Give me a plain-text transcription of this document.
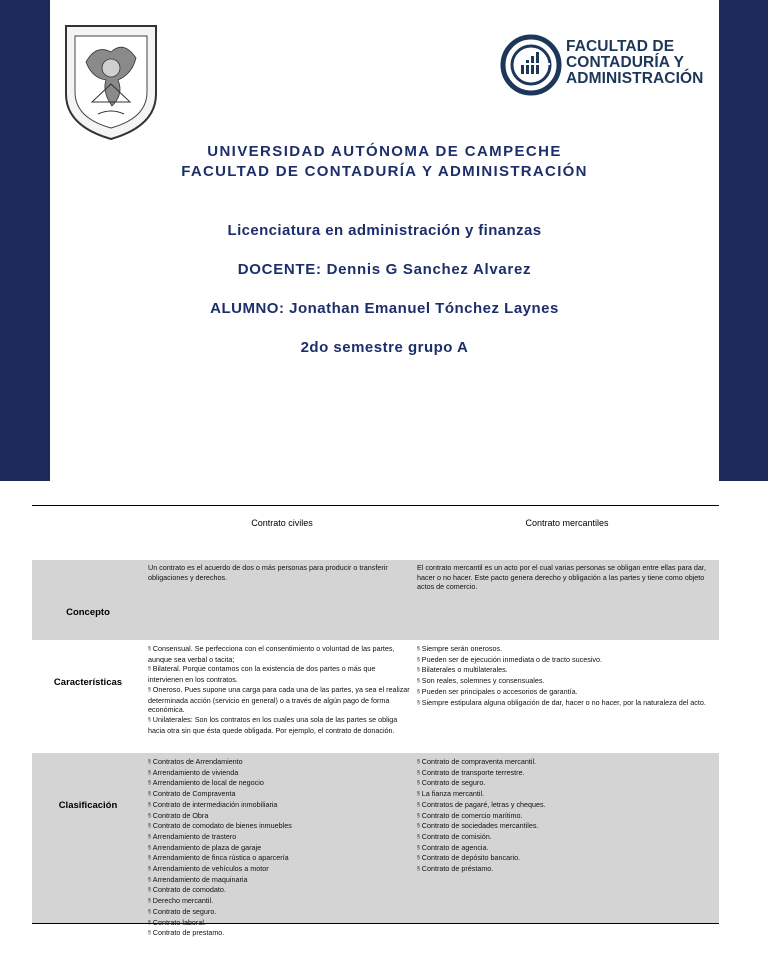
FACULTAD DE
CONTADURÍA Y
ADMINISTRACIÓN
UNIVERSIDAD AUTÓNOMA DE CAMPECHE
FACULTAD DE CONTADURÍA Y ADMINISTRACIÓN
Licenciatura en administración y finanzas
DOCENTE: Dennis G Sanchez Alvarez
ALUMNO: Jonathan Emanuel Tónchez Laynes
2do semestre grupo A
Contrato civiles	Contrato mercantiles
Concepto
Un contrato es el acuerdo de dos o más personas para producir o transferir obligaciones y derechos.
El contrato mercantil es un acto por el cual varias personas se obligan entre ellas para dar, hacer o no hacer. Este pacto genera derecho y obligación a las partes y tiene como objeto actos de comercio.
Características
§ Consensual. Se perfecciona con el consentimiento o voluntad de las partes, aunque sea verbal o tacita;
§ Bilateral. Porque contamos con la existencia de dos partes o más que intervienen en los contratos.
§ Oneroso. Pues supone una carga para cada una de las partes, ya sea el realizar determinada acción (servicio en general) o a través de algún pago de forma económica.
§ Unilaterales: Son los contratos en los cuales una sola de las partes se obliga hacia otra sin que ésta quede obligada. Por ejemplo, el contrato de donación.
§ Siempre serán onerosos.
§ Pueden ser de ejecución inmediata o de tracto sucesivo.
§ Bilaterales o multilaterales.
§ Son reales, solemnes y consensuales.
§ Pueden ser principales o accesorios de garantía.
§ Siempre estipulara alguna obligación de dar, hacer o no hacer, por la naturaleza del acto.
Clasificación
§ Contratos de Arrendamiento
§ Arrendamiento de vivienda
§ Arrendamiento de local de negocio
§ Contrato de Compraventa
§ Contrato de intermediación inmobiliaria
§ Contrato de Obra
§ Contrato de comodato de bienes inmuebles
§ Arrendamiento de trastero
§ Arrendamiento de plaza de garaje
§ Arrendamiento de finca rústica o aparcería
§ Arrendamiento de vehículos a motor
§ Arrendamiento de maquinaria
§ Contrato de comodato.
§ Derecho mercantil.
§ Contrato de seguro.
§
§ Contrato de prestamo.
§ Contrato de compraventa mercantil.
§ Contrato de transporte terrestre.
§ Contrato de seguro.
§ La fianza mercantil.
§ Contratos de pagaré, letras y cheques.
§ Contrato de comercio marítimo.
§ Contrato de sociedades mercantiles.
§ Contrato de comisión.
§ Contrato de agencia.
§ Contrato de depósito bancario.
§ Contrato de préstamo.
